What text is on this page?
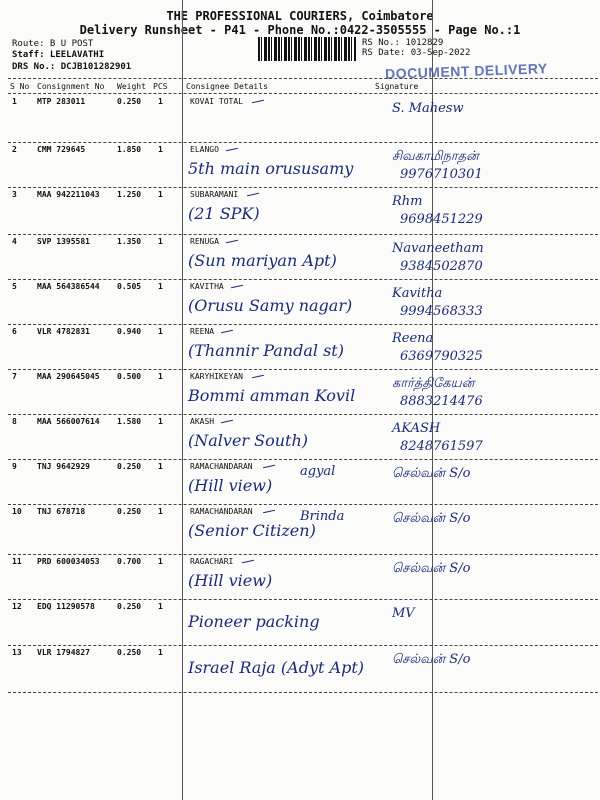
THE PROFESSIONAL COURIERS, Coimbatore
Delivery Runsheet - P41 - Phone No.:0422-3505555 - Page No.:1
Route: B U POST
Staff: LEELAVATHI
DRS No.: DCJB101282901
RS No.: 1012829
RS Date: 03-Sep-2022
DOCUMENT DELIVERY
S No Consignment No Weight PCS Consignee Details	Signature
1	MTP 283011	0.250 1	KOVAI TOTAL	S. Mahesw
2	CMM 729645	1.850 1	ELANGO
5th main orususamy
சிவகாமிநாதன்
9976710301
3	MAA 942211043 1.250 1	SUBARAMANI
(21 SPK)
Rhm
9698451229
4	SVP 1395581	1.350 1	RENUGA
(Sun mariyan Apt)
Navaneetham
9384502870
5	MAA 564386544 0.505 1	KAVITHA
(Orusu Samy nagar)
Kavitha
9994568333
6	VLR 4782831	0.940 1	REENA
(Thannir Pandal st)
Reena
6369790325
7	MAA 290645045 0.500 1	KARYHIKEYAN
Bommi amman Kovil
கார்த்திகேயன்
8883214476
8	MAA 566007614 1.580 1	AKASH
(Nalver South)
AKASH
8248761597
9	TNJ 9642929	0.250 1	RAMACHANDARAN
(Hill view)
செல்வன் S/o
agyal
10 TNJ 678718	0.250 1	RAMACHANDARAN
(Senior Citizen)
செல்வன் S/o
Brinda
11 PRD 600034053 0.700 1	RAGACHARI
(Hill view)
செல்வன் S/o
12 EDQ 11290578	0.250 1
Pioneer packing	MV
13 VLR 1794827	0.250 1
Israel Raja (Adyt Apt) செல்வன் S/o
